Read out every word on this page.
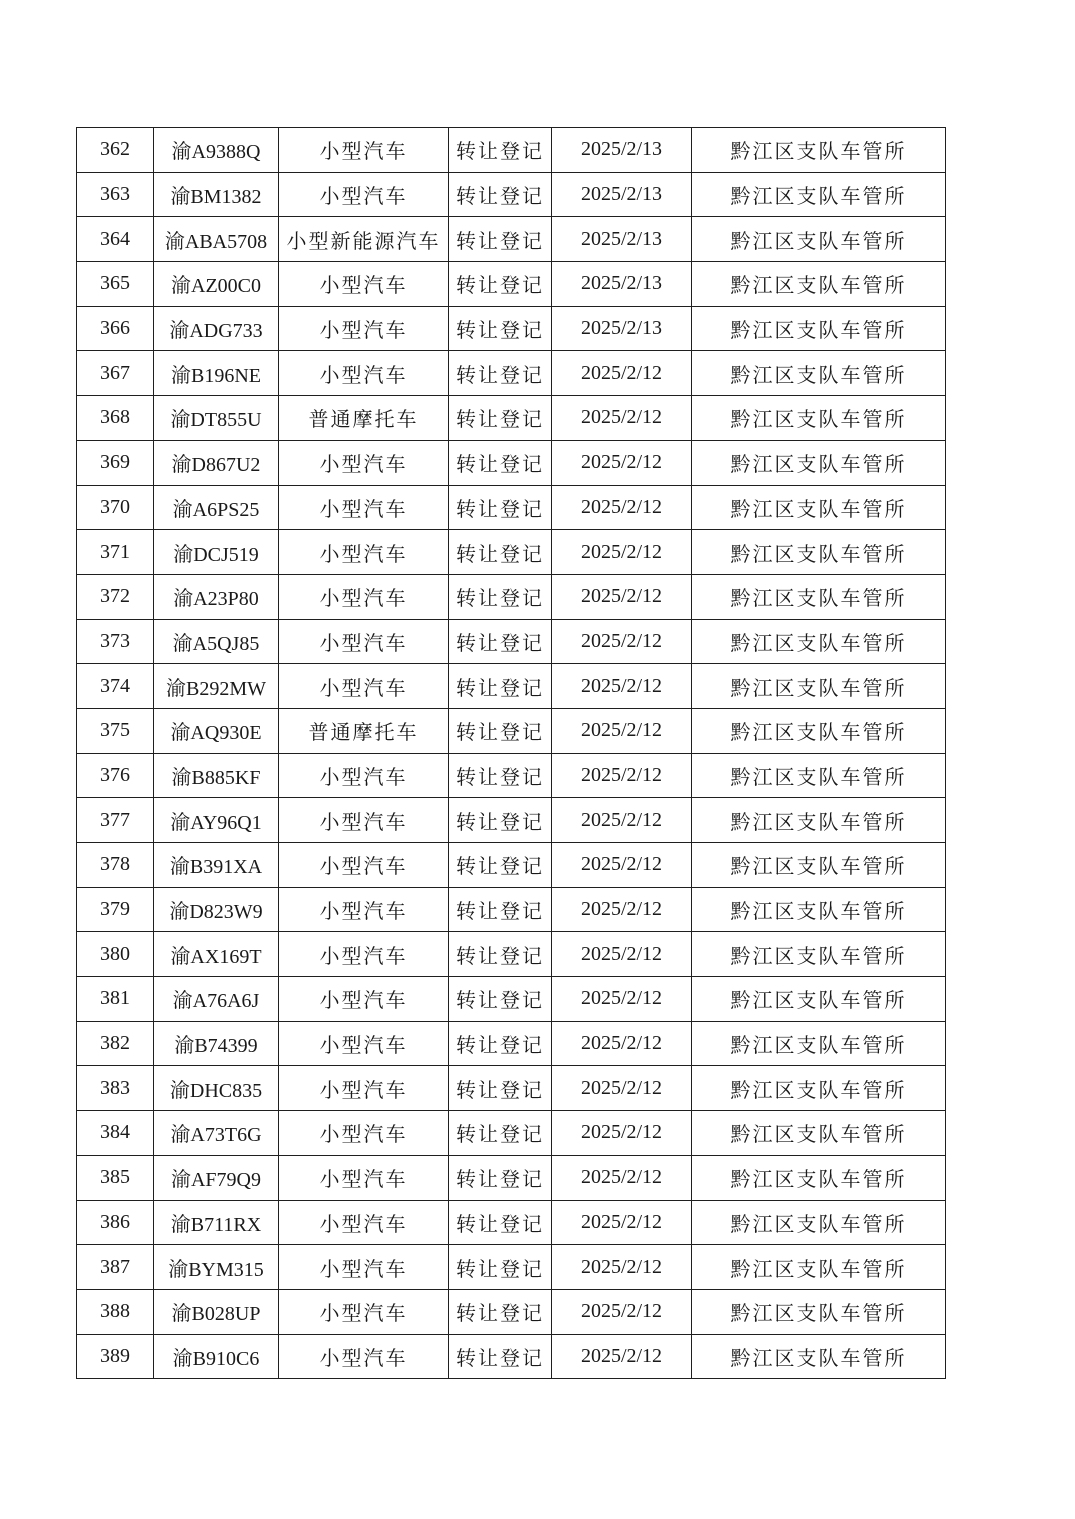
362	渝A9388Q	小型汽车	转让登记	2025/2/13	黔江区支队车管所
363	渝BM1382	小型汽车	转让登记	2025/2/13	黔江区支队车管所
364	渝ABA5708	小型新能源汽车	转让登记	2025/2/13	黔江区支队车管所
365	渝AZ00C0	小型汽车	转让登记	2025/2/13	黔江区支队车管所
366	渝ADG733	小型汽车	转让登记	2025/2/13	黔江区支队车管所
367	渝B196NE	小型汽车	转让登记	2025/2/12	黔江区支队车管所
368	渝DT855U	普通摩托车	转让登记	2025/2/12	黔江区支队车管所
369	渝D867U2	小型汽车	转让登记	2025/2/12	黔江区支队车管所
370	渝A6PS25	小型汽车	转让登记	2025/2/12	黔江区支队车管所
371	渝DCJ519	小型汽车	转让登记	2025/2/12	黔江区支队车管所
372	渝A23P80	小型汽车	转让登记	2025/2/12	黔江区支队车管所
373	渝A5QJ85	小型汽车	转让登记	2025/2/12	黔江区支队车管所
374	渝B292MW	小型汽车	转让登记	2025/2/12	黔江区支队车管所
375	渝AQ930E	普通摩托车	转让登记	2025/2/12	黔江区支队车管所
376	渝B885KF	小型汽车	转让登记	2025/2/12	黔江区支队车管所
377	渝AY96Q1	小型汽车	转让登记	2025/2/12	黔江区支队车管所
378	渝B391XA	小型汽车	转让登记	2025/2/12	黔江区支队车管所
379	渝D823W9	小型汽车	转让登记	2025/2/12	黔江区支队车管所
380	渝AX169T	小型汽车	转让登记	2025/2/12	黔江区支队车管所
381	渝A76A6J	小型汽车	转让登记	2025/2/12	黔江区支队车管所
382	渝B74399	小型汽车	转让登记	2025/2/12	黔江区支队车管所
383	渝DHC835	小型汽车	转让登记	2025/2/12	黔江区支队车管所
384	渝A73T6G	小型汽车	转让登记	2025/2/12	黔江区支队车管所
385	渝AF79Q9	小型汽车	转让登记	2025/2/12	黔江区支队车管所
386	渝B711RX	小型汽车	转让登记	2025/2/12	黔江区支队车管所
387	渝BYM315	小型汽车	转让登记	2025/2/12	黔江区支队车管所
388	渝B028UP	小型汽车	转让登记	2025/2/12	黔江区支队车管所
389	渝B910C6	小型汽车	转让登记	2025/2/12	黔江区支队车管所
